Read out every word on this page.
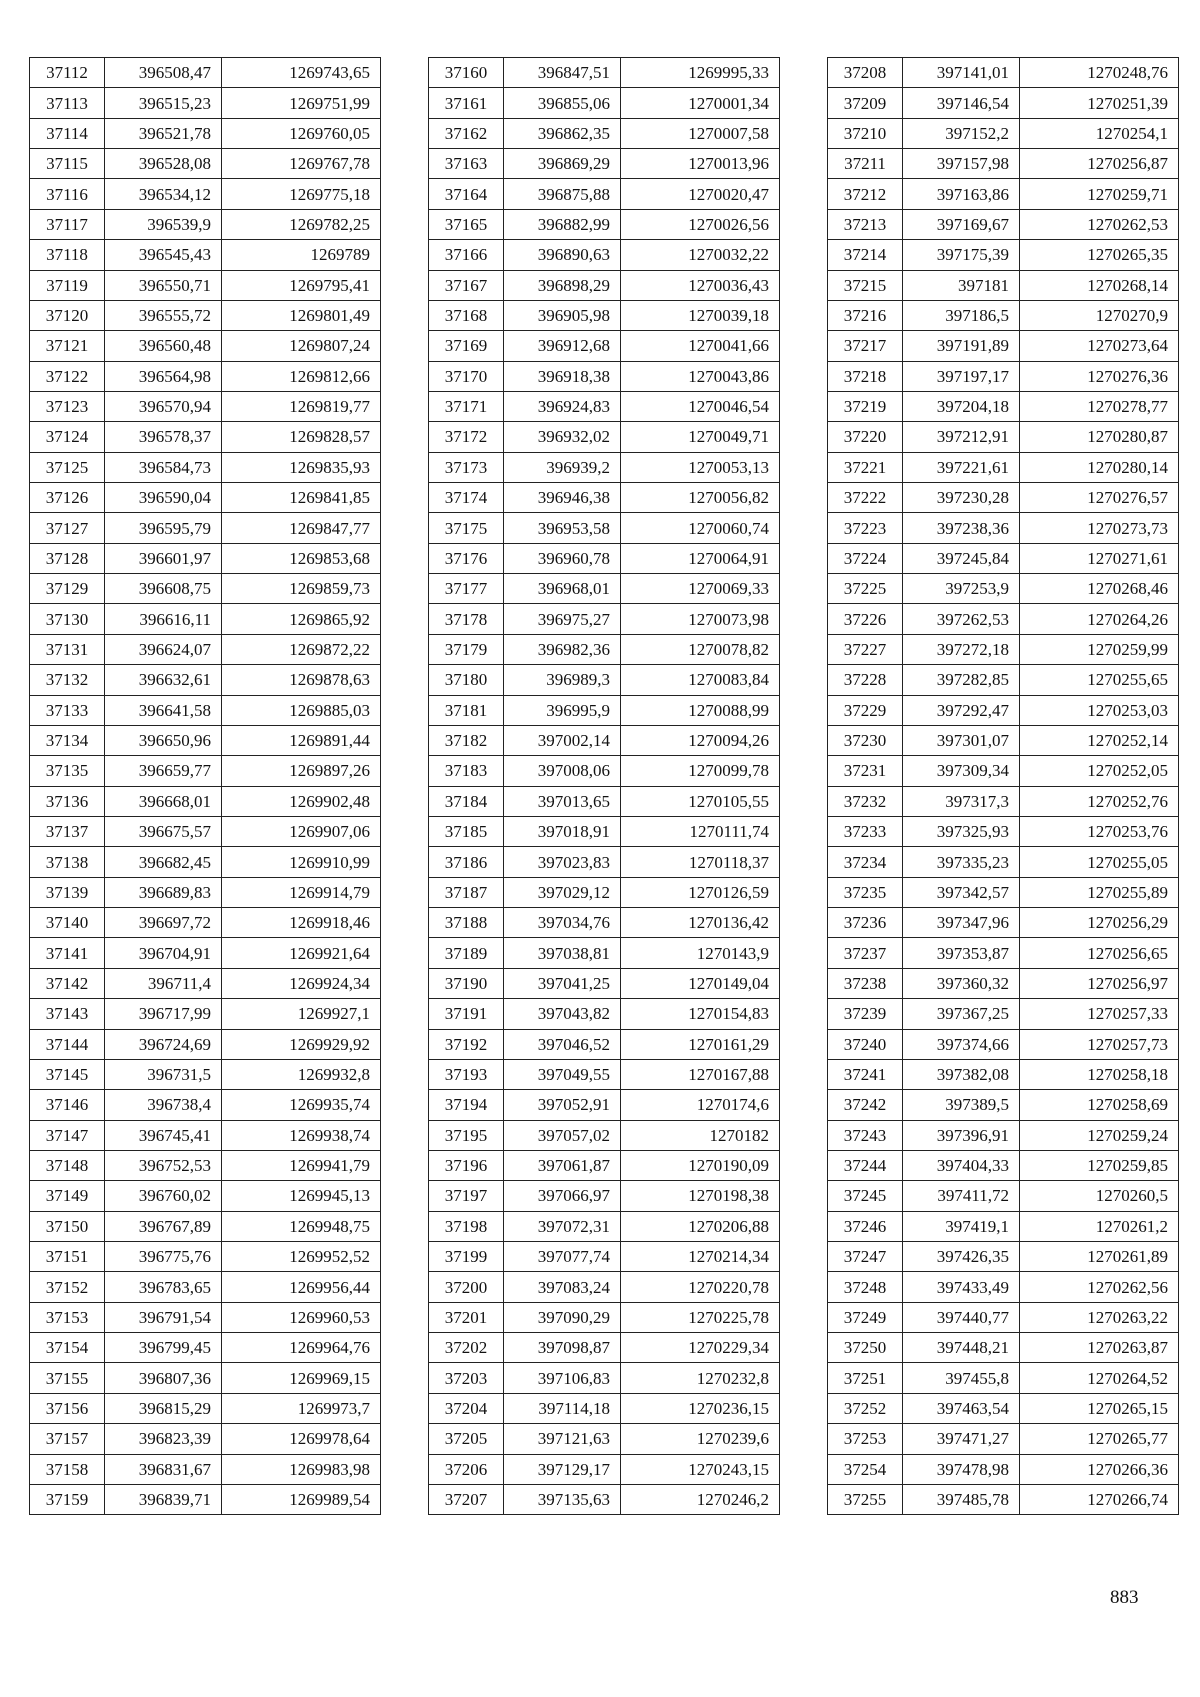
37112	396508,47	1269743,65
37113	396515,23	1269751,99
37114	396521,78	1269760,05
37115	396528,08	1269767,78
37116	396534,12	1269775,18
37117	396539,9	1269782,25
37118	396545,43	1269789
37119	396550,71	1269795,41
37120	396555,72	1269801,49
37121	396560,48	1269807,24
37122	396564,98	1269812,66
37123	396570,94	1269819,77
37124	396578,37	1269828,57
37125	396584,73	1269835,93
37126	396590,04	1269841,85
37127	396595,79	1269847,77
37128	396601,97	1269853,68
37129	396608,75	1269859,73
37130	396616,11	1269865,92
37131	396624,07	1269872,22
37132	396632,61	1269878,63
37133	396641,58	1269885,03
37134	396650,96	1269891,44
37135	396659,77	1269897,26
37136	396668,01	1269902,48
37137	396675,57	1269907,06
37138	396682,45	1269910,99
37139	396689,83	1269914,79
37140	396697,72	1269918,46
37141	396704,91	1269921,64
37142	396711,4	1269924,34
37143	396717,99	1269927,1
37144	396724,69	1269929,92
37145	396731,5	1269932,8
37146	396738,4	1269935,74
37147	396745,41	1269938,74
37148	396752,53	1269941,79
37149	396760,02	1269945,13
37150	396767,89	1269948,75
37151	396775,76	1269952,52
37152	396783,65	1269956,44
37153	396791,54	1269960,53
37154	396799,45	1269964,76
37155	396807,36	1269969,15
37156	396815,29	1269973,7
37157	396823,39	1269978,64
37158	396831,67	1269983,98
37159	396839,71	1269989,54
37160	396847,51	1269995,33
37161	396855,06	1270001,34
37162	396862,35	1270007,58
37163	396869,29	1270013,96
37164	396875,88	1270020,47
37165	396882,99	1270026,56
37166	396890,63	1270032,22
37167	396898,29	1270036,43
37168	396905,98	1270039,18
37169	396912,68	1270041,66
37170	396918,38	1270043,86
37171	396924,83	1270046,54
37172	396932,02	1270049,71
37173	396939,2	1270053,13
37174	396946,38	1270056,82
37175	396953,58	1270060,74
37176	396960,78	1270064,91
37177	396968,01	1270069,33
37178	396975,27	1270073,98
37179	396982,36	1270078,82
37180	396989,3	1270083,84
37181	396995,9	1270088,99
37182	397002,14	1270094,26
37183	397008,06	1270099,78
37184	397013,65	1270105,55
37185	397018,91	1270111,74
37186	397023,83	1270118,37
37187	397029,12	1270126,59
37188	397034,76	1270136,42
37189	397038,81	1270143,9
37190	397041,25	1270149,04
37191	397043,82	1270154,83
37192	397046,52	1270161,29
37193	397049,55	1270167,88
37194	397052,91	1270174,6
37195	397057,02	1270182
37196	397061,87	1270190,09
37197	397066,97	1270198,38
37198	397072,31	1270206,88
37199	397077,74	1270214,34
37200	397083,24	1270220,78
37201	397090,29	1270225,78
37202	397098,87	1270229,34
37203	397106,83	1270232,8
37204	397114,18	1270236,15
37205	397121,63	1270239,6
37206	397129,17	1270243,15
37207	397135,63	1270246,2
37208	397141,01	1270248,76
37209	397146,54	1270251,39
37210	397152,2	1270254,1
37211	397157,98	1270256,87
37212	397163,86	1270259,71
37213	397169,67	1270262,53
37214	397175,39	1270265,35
37215	397181	1270268,14
37216	397186,5	1270270,9
37217	397191,89	1270273,64
37218	397197,17	1270276,36
37219	397204,18	1270278,77
37220	397212,91	1270280,87
37221	397221,61	1270280,14
37222	397230,28	1270276,57
37223	397238,36	1270273,73
37224	397245,84	1270271,61
37225	397253,9	1270268,46
37226	397262,53	1270264,26
37227	397272,18	1270259,99
37228	397282,85	1270255,65
37229	397292,47	1270253,03
37230	397301,07	1270252,14
37231	397309,34	1270252,05
37232	397317,3	1270252,76
37233	397325,93	1270253,76
37234	397335,23	1270255,05
37235	397342,57	1270255,89
37236	397347,96	1270256,29
37237	397353,87	1270256,65
37238	397360,32	1270256,97
37239	397367,25	1270257,33
37240	397374,66	1270257,73
37241	397382,08	1270258,18
37242	397389,5	1270258,69
37243	397396,91	1270259,24
37244	397404,33	1270259,85
37245	397411,72	1270260,5
37246	397419,1	1270261,2
37247	397426,35	1270261,89
37248	397433,49	1270262,56
37249	397440,77	1270263,22
37250	397448,21	1270263,87
37251	397455,8	1270264,52
37252	397463,54	1270265,15
37253	397471,27	1270265,77
37254	397478,98	1270266,36
37255	397485,78	1270266,74
883
